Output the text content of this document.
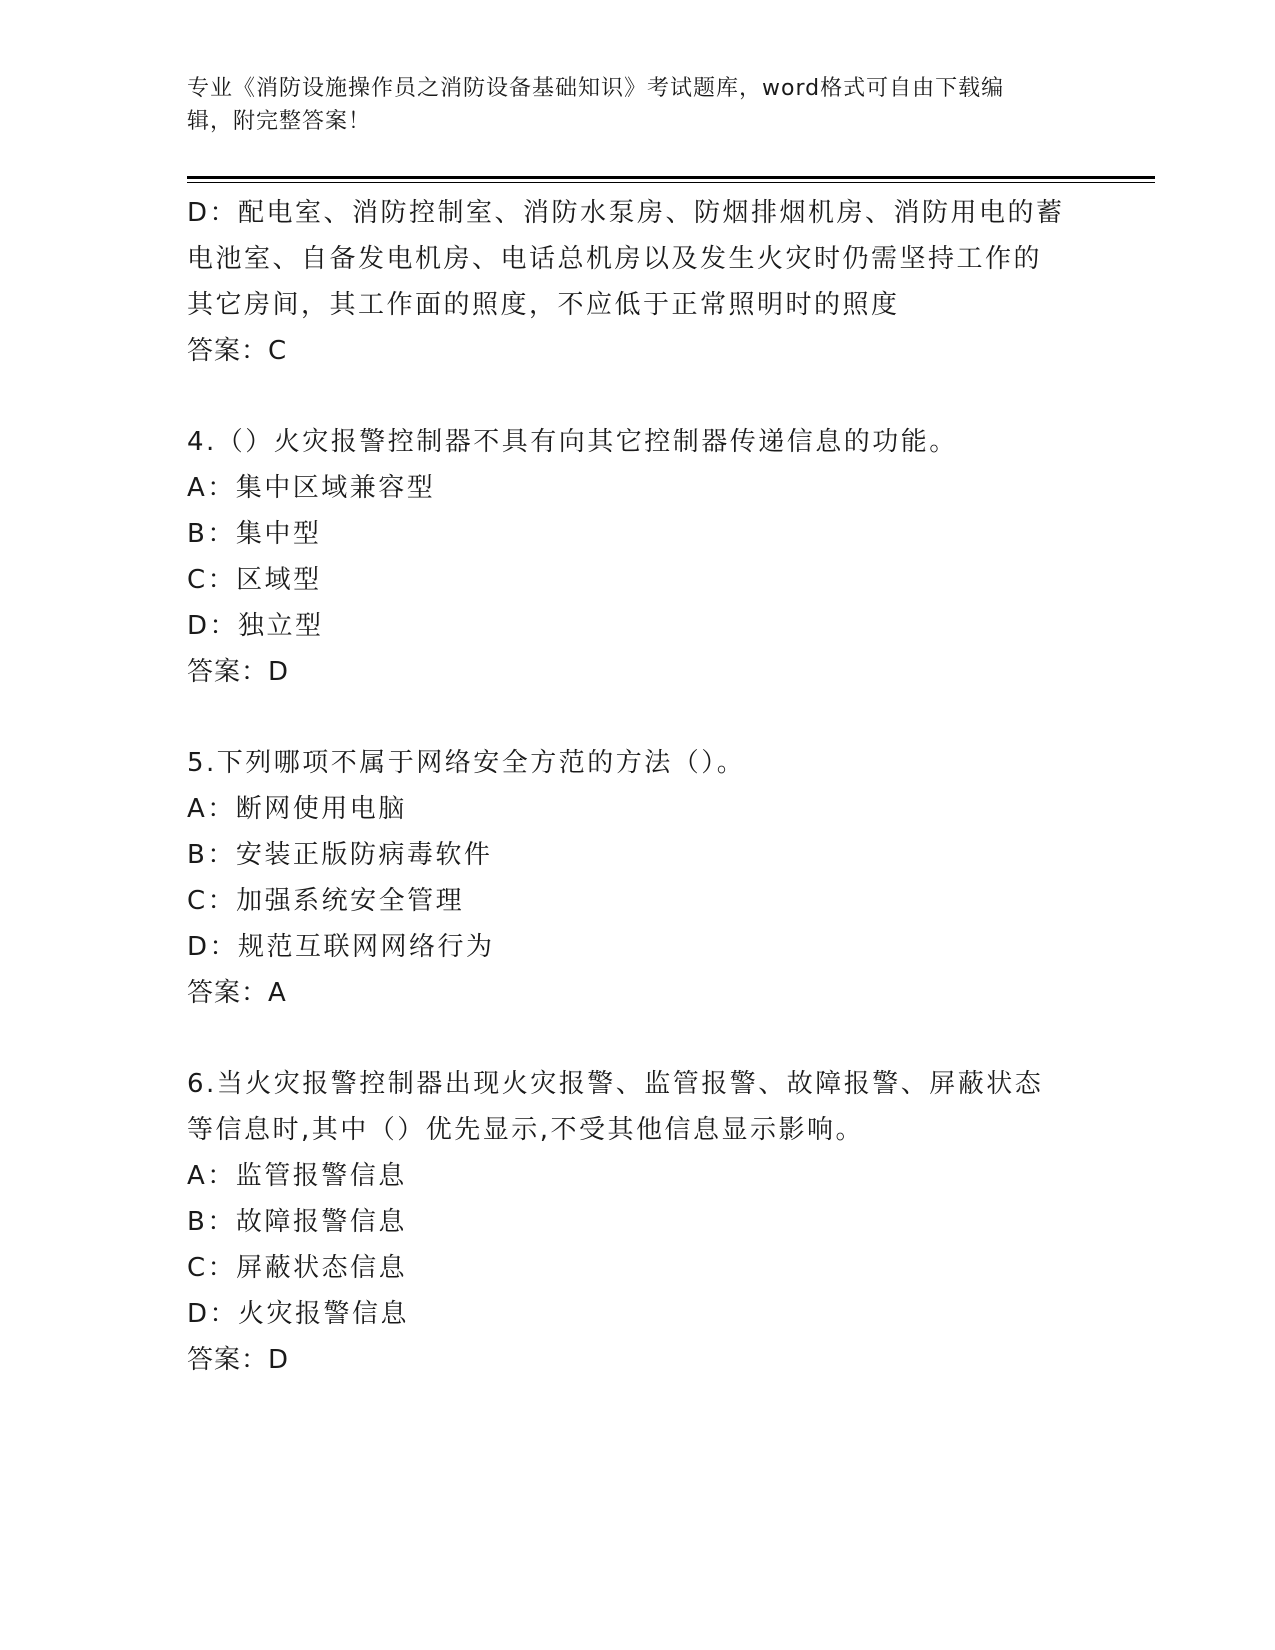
专业《消防设施操作员之消防设备基础知识》考试题库，word格式可自由下载编
辑，附完整答案！
D：配电室、消防控制室、消防水泵房、防烟排烟机房、消防用电的蓄
电池室、自备发电机房、电话总机房以及发生火灾时仍需坚持工作的
其它房间，其工作面的照度，不应低于正常照明时的照度
答案：C
4.（）火灾报警控制器不具有向其它控制器传递信息的功能。
A：集中区域兼容型
B：集中型
C：区域型
D：独立型
答案：D
5.下列哪项不属于网络安全方范的方法（）。
A：断网使用电脑
B：安装正版防病毒软件
C：加强系统安全管理
D：规范互联网网络行为
答案：A
6.当火灾报警控制器出现火灾报警、监管报警、故障报警、屏蔽状态
等信息时,其中（）优先显示,不受其他信息显示影响。
A：监管报警信息
B：故障报警信息
C：屏蔽状态信息
D：火灾报警信息
答案：D
